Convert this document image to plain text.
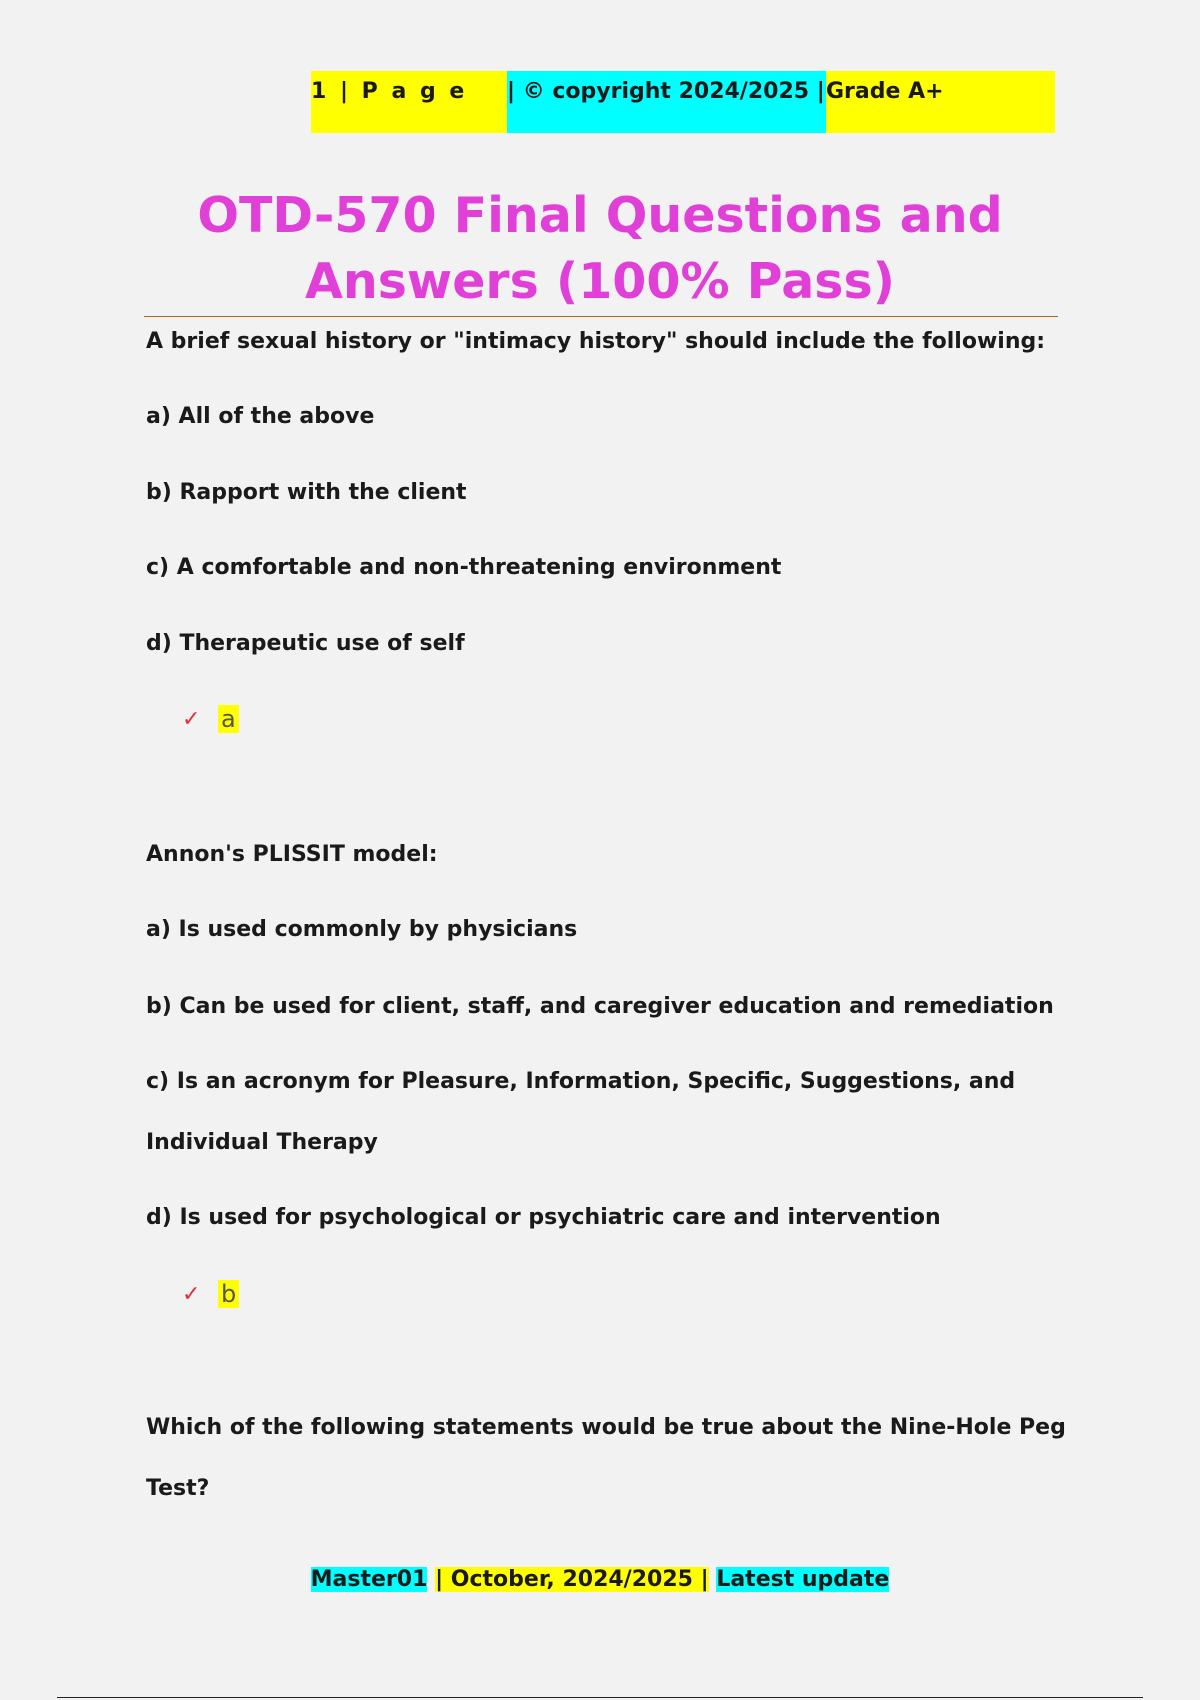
1 | P a g e	| © copyright 2024/2025 | Grade A+
OTD-570 Final Questions and
Answers (100% Pass)
A brief sexual history or "intimacy history" should include the following:
a) All of the above
b) Rapport with the client
c) A comfortable and non-threatening environment
d) Therapeutic use of self
✓ a
Annon's PLISSIT model:
a) Is used commonly by physicians
b) Can be used for client, staff, and caregiver education and remediation
c) Is an acronym for Pleasure, Information, Specific, Suggestions, and
Individual Therapy
d) Is used for psychological or psychiatric care and intervention
✓ b
Which of the following statements would be true about the Nine-Hole Peg
Test?
Master01 | October, 2024/2025 | Latest update
